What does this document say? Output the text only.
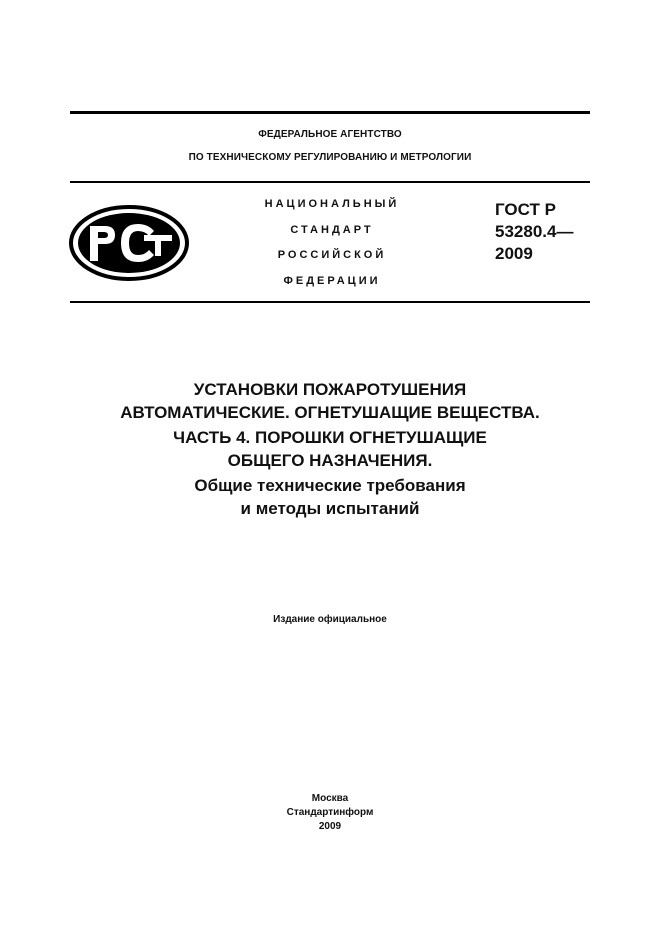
ФЕДЕРАЛЬНОЕ АГЕНТСТВО
ПО ТЕХНИЧЕСКОМУ РЕГУЛИРОВАНИЮ И МЕТРОЛОГИИ
НАЦИОНАЛЬНЫЙ
СТАНДАРТ
РОССИЙСКОЙ
ФЕДЕРАЦИИ
ГОСТ Р
53280.4—
2009
УСТАНОВКИ ПОЖАРОТУШЕНИЯ
АВТОМАТИЧЕСКИЕ. ОГНЕТУШАЩИЕ ВЕЩЕСТВА.
ЧАСТЬ 4. ПОРОШКИ ОГНЕТУШАЩИЕ
ОБЩЕГО НАЗНАЧЕНИЯ.
Общие технические требования
и методы испытаний
Издание официальное
Москва
Стандартинформ
2009
